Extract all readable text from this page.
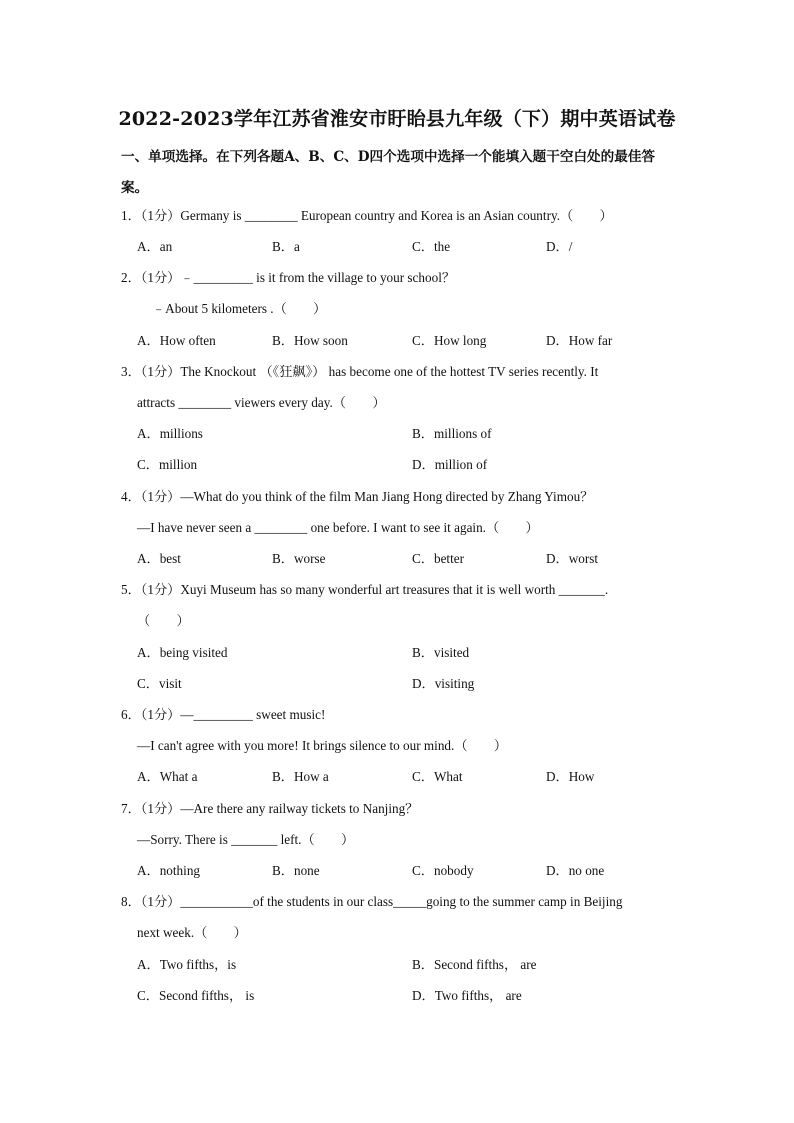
2022-2023学年江苏省淮安市盱眙县九年级（下）期中英语试卷
一、单项选择。在下列各题A、B、C、D四个选项中选择一个能填入题干空白处的最佳答案。
1．（1分）Germany is ________ European country and Korea is an Asian country.（　　）
A．an	B．a	C．the	D．/
2．（1分）﹣_________ is it from the village to your school？
﹣About 5 kilometers .（　　）
A．How often	B．How soon	C．How long	D．How far
3．（1分）The Knockout （《狂飙》） has become one of the hottest TV series recently. It
attracts ________ viewers every day.（　　）
A．millions	B．millions of
C．million	D．million of
4．（1分）—What do you think of the film Man Jiang Hong directed by Zhang Yimou？
—I have never seen a ________ one before. I want to see it again.（　　）
A．best	B．worse	C．better	D．worst
5．（1分）Xuyi Museum has so many wonderful art treasures that it is well worth _______.
（　　）
A．being visited	B．visited
C．visit	D．visiting
6．（1分）—_________ sweet music!
—I can't agree with you more! It brings silence to our mind.（　　）
A．What a	B．How a	C．What	D．How
7．（1分）—Are there any railway tickets to Nanjing？
—Sorry. There is _______ left.（　　）
A．nothing	B．none	C．nobody	D．no one
8．（1分）___________of the students in our class_____going to the summer camp in Beijing
next week.（　　）
A．Two fifths，is	B．Second fifths， are
C．Second fifths， is	D．Two fifths， are
